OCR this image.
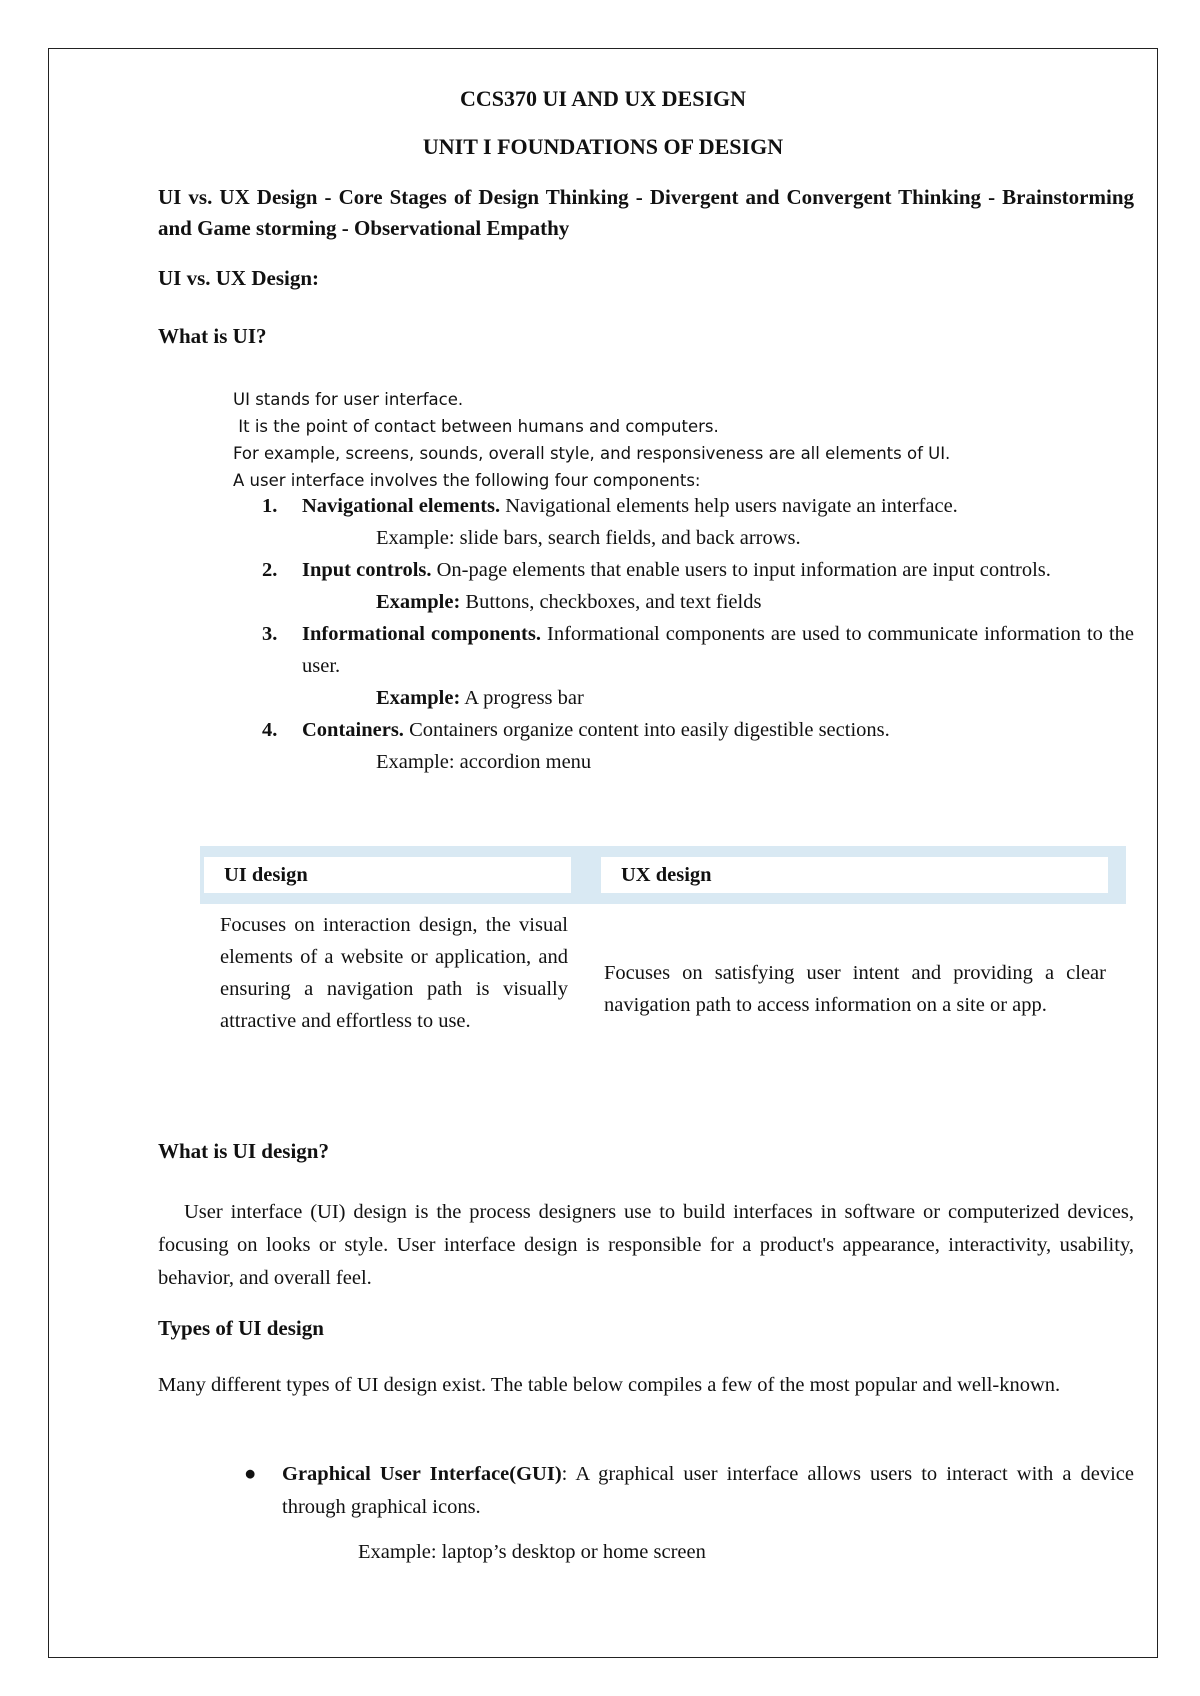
CCS370 UI AND UX DESIGN
UNIT I FOUNDATIONS OF DESIGN
UI vs. UX Design - Core Stages of Design Thinking - Divergent and Convergent Thinking - Brainstorming and Game storming - Observational Empathy
UI vs. UX Design:
What is UI?
UI stands for user interface.
It is the point of contact between humans and computers.
For example, screens, sounds, overall style, and responsiveness are all elements of UI.
A user interface involves the following four components:
1. Navigational elements. Navigational elements help users navigate an interface.
Example: slide bars, search fields, and back arrows.
2. Input controls. On-page elements that enable users to input information are input controls.
Example: Buttons, checkboxes, and text fields
3. Informational components. Informational components are used to communicate information to the user.
Example: A progress bar
4. Containers. Containers organize content into easily digestible sections.
Example: accordion menu
UI design	UX design
Focuses on interaction design, the visual elements of a website or application, and ensuring a navigation path is visually attractive and effortless to use.
Focuses on satisfying user intent and providing a clear navigation path to access information on a site or app.
What is UI design?
User interface (UI) design is the process designers use to build interfaces in software or computerized devices, focusing on looks or style. User interface design is responsible for a product's appearance, interactivity, usability, behavior, and overall feel.
Types of UI design
Many different types of UI design exist. The table below compiles a few of the most popular and well-known.
●	Graphical User Interface(GUI): A graphical user interface allows users to interact with a device through graphical icons.
Example: laptop’s desktop or home screen
